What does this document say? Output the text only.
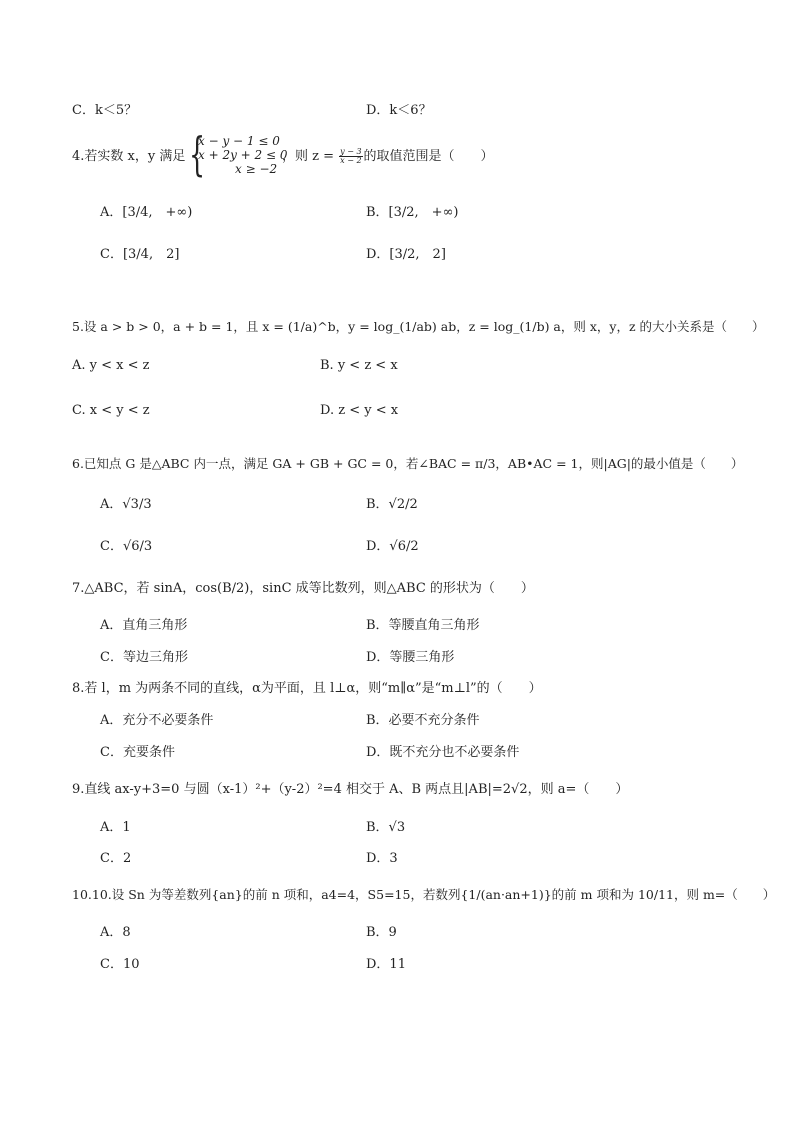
C．k＜5？	D．k＜6？
4.若实数 x，y 满足 {
x − y − 1 ≤ 0
x + 2y + 2 ≤ 0
x ≥ −2
，则 $z = \frac{y - 3}{x - 2}$ 的取值范围是（　　）
A．[3/4,　+∞)	B．[3/2,　+∞)
C．[3/4,　2]	D．[3/2,　2]
5.设 a > b > 0，a + b = 1，且 x = (1/a)^b，y = log_(1/ab) ab，z = log_(1/b) a，则 x，y，z 的大小关系是（　　）
A. y < x < z	B. y < z < x
C. x < y < z	D. z < y < x
6.已知点 G 是△ABC 内一点，满足 GA + GB + GC = 0，若∠BAC = π/3，AB•AC = 1，则|AG|的最小值是（　　）
A．√3/3	B．√2/2
C．√6/3	D．√6/2
7.△ABC，若 sinA，cos(B/2)，sinC 成等比数列，则△ABC 的形状为（　　）
A．直角三角形	B．等腰直角三角形
C．等边三角形	D．等腰三角形
8.若 l，m 为两条不同的直线，α为平面，且 l⊥α，则“m∥α”是“m⊥l”的（　　）
A．充分不必要条件	B．必要不充分条件
C．充要条件	D．既不充分也不必要条件
9.直线 ax-y+3=0 与圆（x-1）²+（y-2）²=4 相交于 A、B 两点且|AB|=2√2，则 a=（　　）
A．1	B．√3
C．2	D．3
10.10.设 Sn 为等差数列{an}的前 n 项和，a4=4，S5=15，若数列{1/(an·an+1)}的前 m 项和为 10/11，则 m=（　　）
A．8	B．9
C．10	D．11
